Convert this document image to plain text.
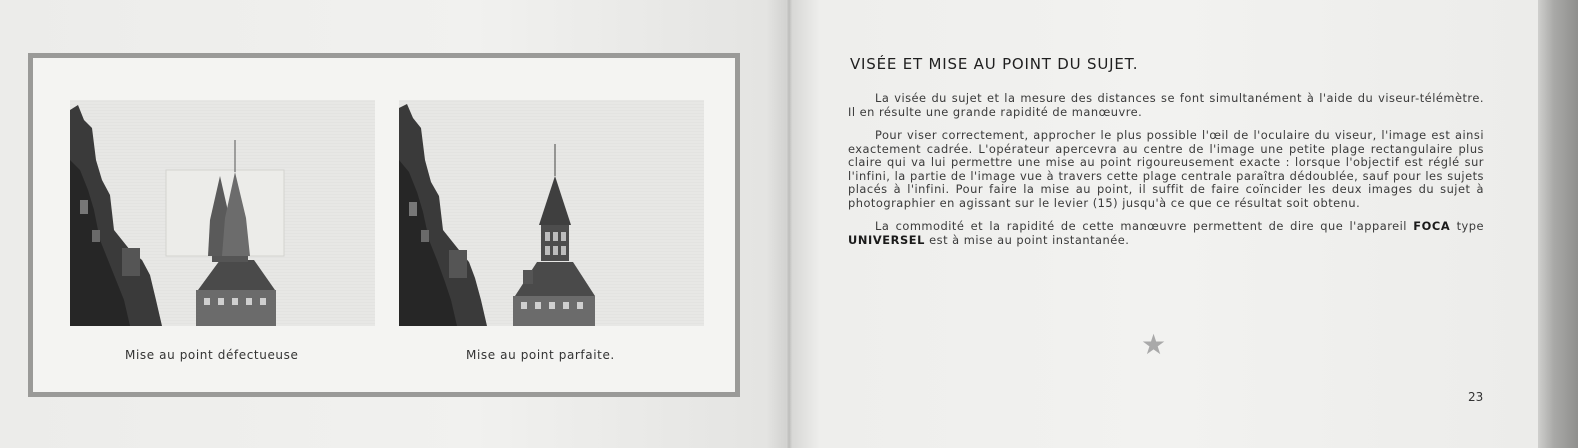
Mise au point défectueuse	Mise au point parfaite.
VISÉE ET MISE AU POINT DU SUJET.

La visée du sujet et la mesure des distances se font simultanément à l'aide du viseur-télémètre. Il en résulte une grande rapidité de manœuvre.

Pour viser correctement, approcher le plus possible l'œil de l'oculaire du viseur, l'image est ainsi exactement cadrée. L'opérateur apercevra au centre de l'image une petite plage rectangulaire plus claire qui va lui permettre une mise au point rigoureusement exacte : lorsque l'objectif est réglé sur l'infini, la partie de l'image vue à travers cette plage centrale paraîtra dédoublée, sauf pour les sujets placés à l'infini. Pour faire la mise au point, il suffit de faire coïncider les deux images du sujet à photographier en agissant sur le levier (15) jusqu'à ce que ce résultat soit obtenu.

La commodité et la rapidité de cette manœuvre permettent de dire que l'appareil FOCA type UNIVERSEL est à mise au point instantanée.

★
23
